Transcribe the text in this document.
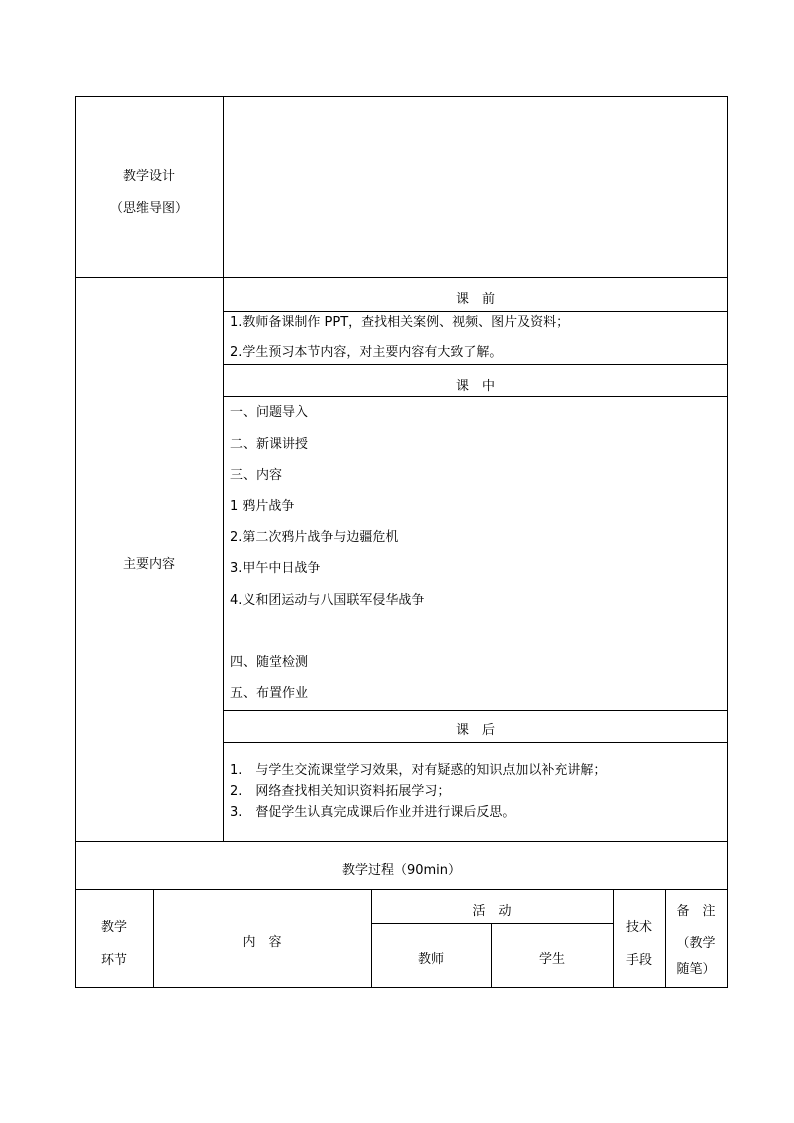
教学设计
（思维导图）
主要内容
课　前
1.教师备课制作 PPT，查找相关案例、视频、图片及资料；
2.学生预习本节内容，对主要内容有大致了解。
课　中
一、问题导入
二、新课讲授
三、内容
1 鸦片战争
2.第二次鸦片战争与边疆危机
3.甲午中日战争
4.义和团运动与八国联军侵华战争
四、随堂检测
五、布置作业
课　后
1.　与学生交流课堂学习效果，对有疑惑的知识点加以补充讲解；
2.　网络查找相关知识资料拓展学习；
3.　督促学生认真完成课后作业并进行课后反思。
教学过程（90min）
教学
环节
内　容
活　动
教师	学生
技术
手段
备　注
（教学
随笔）
